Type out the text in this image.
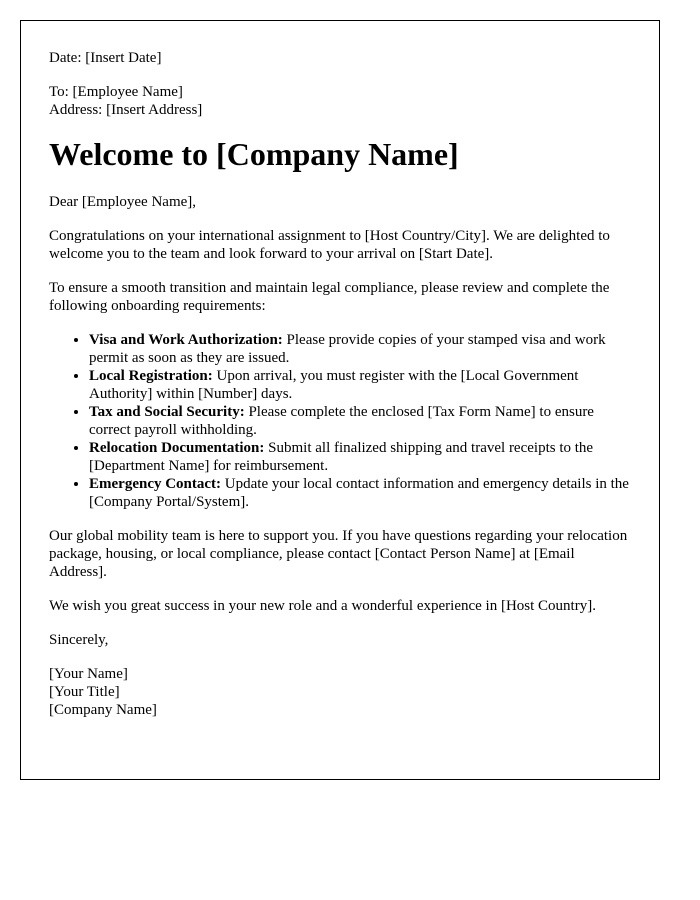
Date: [Insert Date]
To: [Employee Name]
Address: [Insert Address]
Welcome to [Company Name]

Dear [Employee Name],

Congratulations on your international assignment to [Host Country/City]. We are delighted to welcome you to the team and look forward to your arrival on [Start Date].

To ensure a smooth transition and maintain legal compliance, please review and complete the following onboarding requirements:

• Visa and Work Authorization: Please provide copies of your stamped visa and work permit as soon as they are issued.
• Local Registration: Upon arrival, you must register with the [Local Government Authority] within [Number] days.
• Tax and Social Security: Please complete the enclosed [Tax Form Name] to ensure correct payroll withholding.
• Relocation Documentation: Submit all finalized shipping and travel receipts to the [Department Name] for reimbursement.
• Emergency Contact: Update your local contact information and emergency details in the [Company Portal/System].

Our global mobility team is here to support you. If you have questions regarding your relocation package, housing, or local compliance, please contact [Contact Person Name] at [Email Address].

We wish you great success in your new role and a wonderful experience in [Host Country].

Sincerely,

[Your Name]
[Your Title]
[Company Name]
